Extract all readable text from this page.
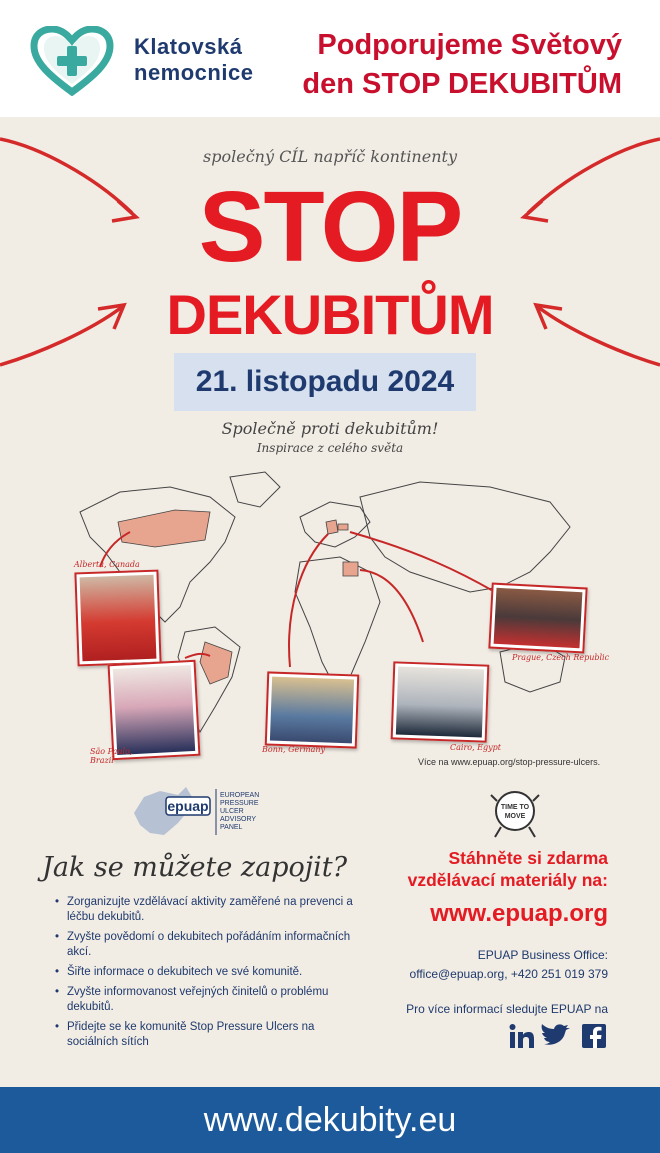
Klatovská
nemocnice
Podporujeme Světový
den STOP DEKUBITŮM
společný CÍL napříč kontinenty
STOP
DEKUBITŮM
21. listopadu 2024
Společně proti dekubitům!
Inspirace z celého světa
Alberta, Canada
São Paulo, Brazil
Bonn, Germany	Cairo, Egypt
Prague, Czech Republic
Více na www.epuap.org/stop-pressure-ulcers.
epuap
EUROPEAN
PRESSURE
ULCER
ADVISORY
PANEL
TIME TO
MOVE
Jak se můžete zapojit?
• Zorganizujte vzdělávací aktivity zaměřené na prevenci a léčbu dekubitů.
• Zvyšte povědomí o dekubitech pořádáním informačních akcí.
• Šiřte informace o dekubitech ve své komunitě.
• Zvyšte informovanost veřejných činitelů o problému dekubitů.
• Přidejte se ke komunitě Stop Pressure Ulcers na sociálních sítích
Stáhněte si zdarma
vzdělávací materiály na:
www.epuap.org
EPUAP Business Office:
office@epuap.org, +420 251 019 379
Pro více informací sledujte EPUAP na
www.dekubity.eu
